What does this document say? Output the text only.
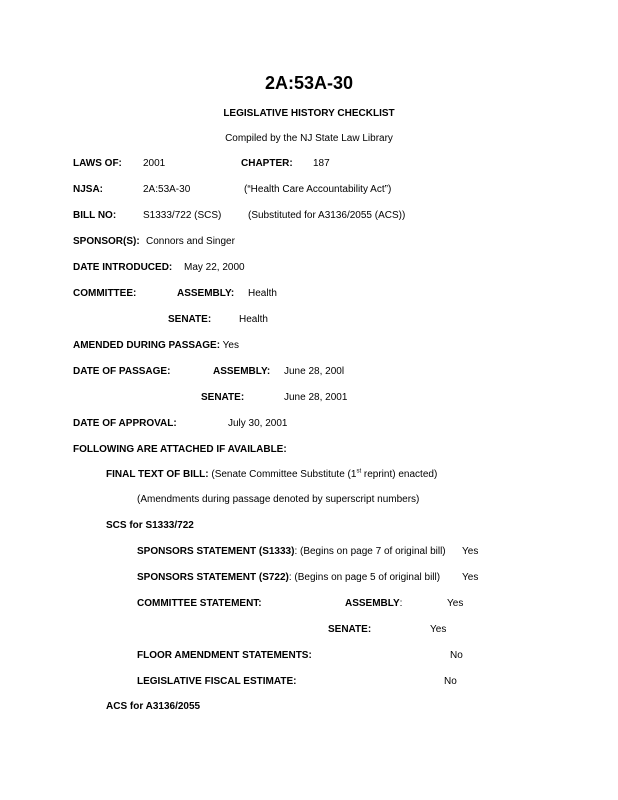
2A:53A-30
LEGISLATIVE HISTORY CHECKLIST
Compiled by the NJ State Law Library
LAWS OF: 2001	CHAPTER: 187
NJSA:	2A:53A-30	(“Health Care Accountability Act”)
BILL NO:	S1333/722 (SCS)	(Substituted for A3136/2055 (ACS))
SPONSOR(S): Connors and Singer
DATE INTRODUCED: May 22, 2000
COMMITTEE:	ASSEMBLY: Health
SENATE:	Health
AMENDED DURING PASSAGE: Yes
DATE OF PASSAGE:	ASSEMBLY: June 28, 200l
SENATE:	June 28, 2001
DATE OF APPROVAL:	July 30, 2001
FOLLOWING ARE ATTACHED IF AVAILABLE:
FINAL TEXT OF BILL: (Senate Committee Substitute (1st reprint) enacted)
(Amendments during passage denoted by superscript numbers)
SCS for S1333/722
SPONSORS STATEMENT (S1333): (Begins on page 7 of original bill) Yes
SPONSORS STATEMENT (S722): (Begins on page 5 of original bill) Yes
COMMITTEE STATEMENT:	ASSEMBLY:	Yes
SENATE:	Yes
FLOOR AMENDMENT STATEMENTS:	No
LEGISLATIVE FISCAL ESTIMATE:	No
ACS for A3136/2055
